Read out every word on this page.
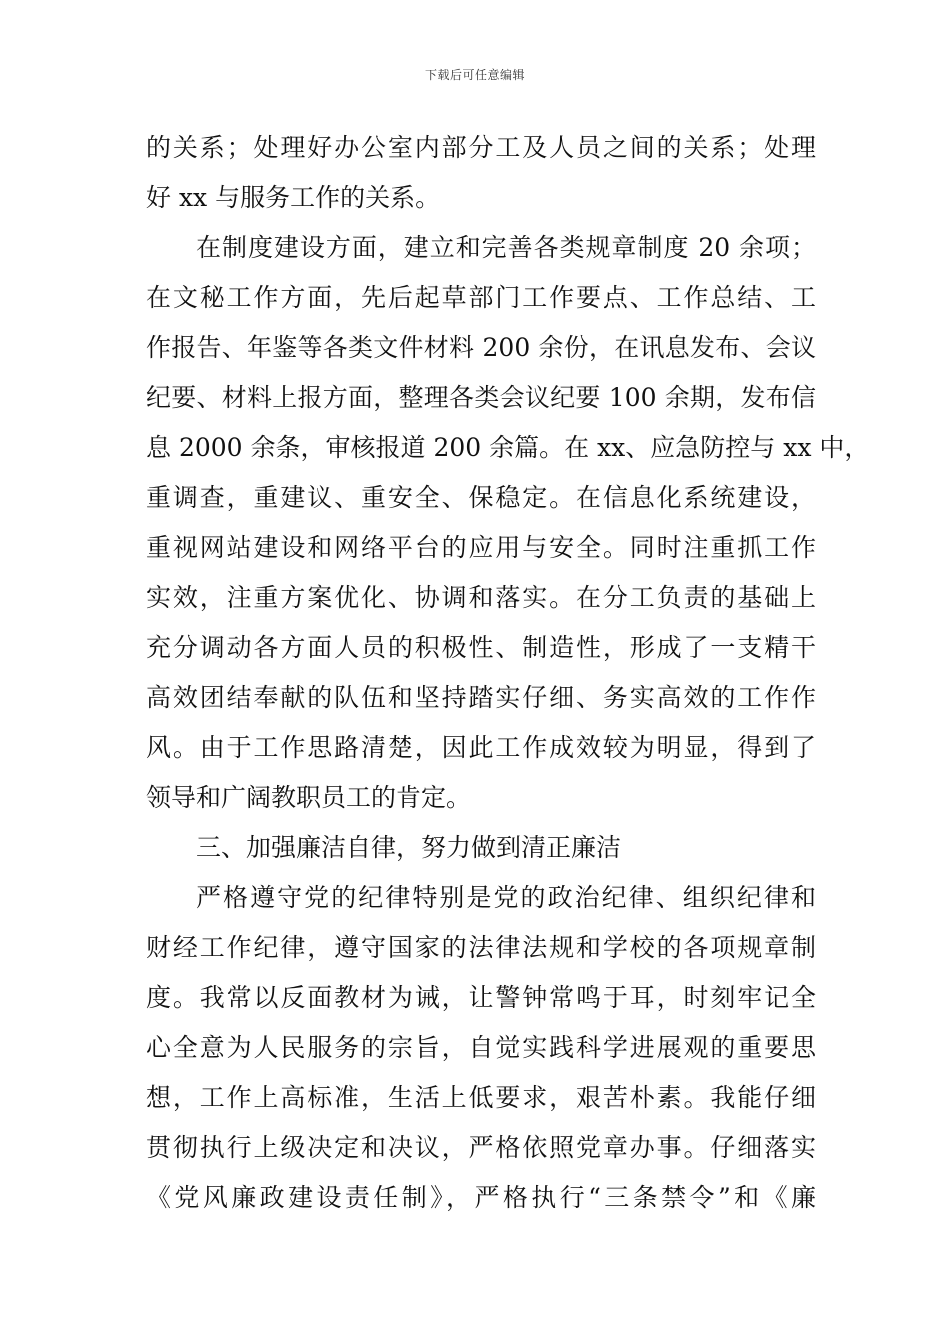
下载后可任意编辑
的关系；处理好办公室内部分工及人员之间的关系；处理
好 xx 与服务工作的关系。
在制度建设方面，建立和完善各类规章制度 20 余项；
在文秘工作方面，先后起草部门工作要点、工作总结、工
作报告、年鉴等各类文件材料 200 余份，在讯息发布、会议
纪要、材料上报方面，整理各类会议纪要 100 余期，发布信
息 2000 余条，审核报道 200 余篇。在 xx、应急防控与 xx 中，
重调查，重建议、重安全、保稳定。在信息化系统建设，
重视网站建设和网络平台的应用与安全。同时注重抓工作
实效，注重方案优化、协调和落实。在分工负责的基础上
充分调动各方面人员的积极性、制造性，形成了一支精干
高效团结奉献的队伍和坚持踏实仔细、务实高效的工作作
风。由于工作思路清楚，因此工作成效较为明显，得到了
领导和广阔教职员工的肯定。
三、加强廉洁自律，努力做到清正廉洁
严格遵守党的纪律特别是党的政治纪律、组织纪律和
财经工作纪律，遵守国家的法律法规和学校的各项规章制
度。我常以反面教材为诫，让警钟常鸣于耳，时刻牢记全
心全意为人民服务的宗旨，自觉实践科学进展观的重要思
想，工作上高标准，生活上低要求，艰苦朴素。我能仔细
贯彻执行上级决定和决议，严格依照党章办事。仔细落实
《党风廉政建设责任制》，严格执行“三条禁令”和《廉
